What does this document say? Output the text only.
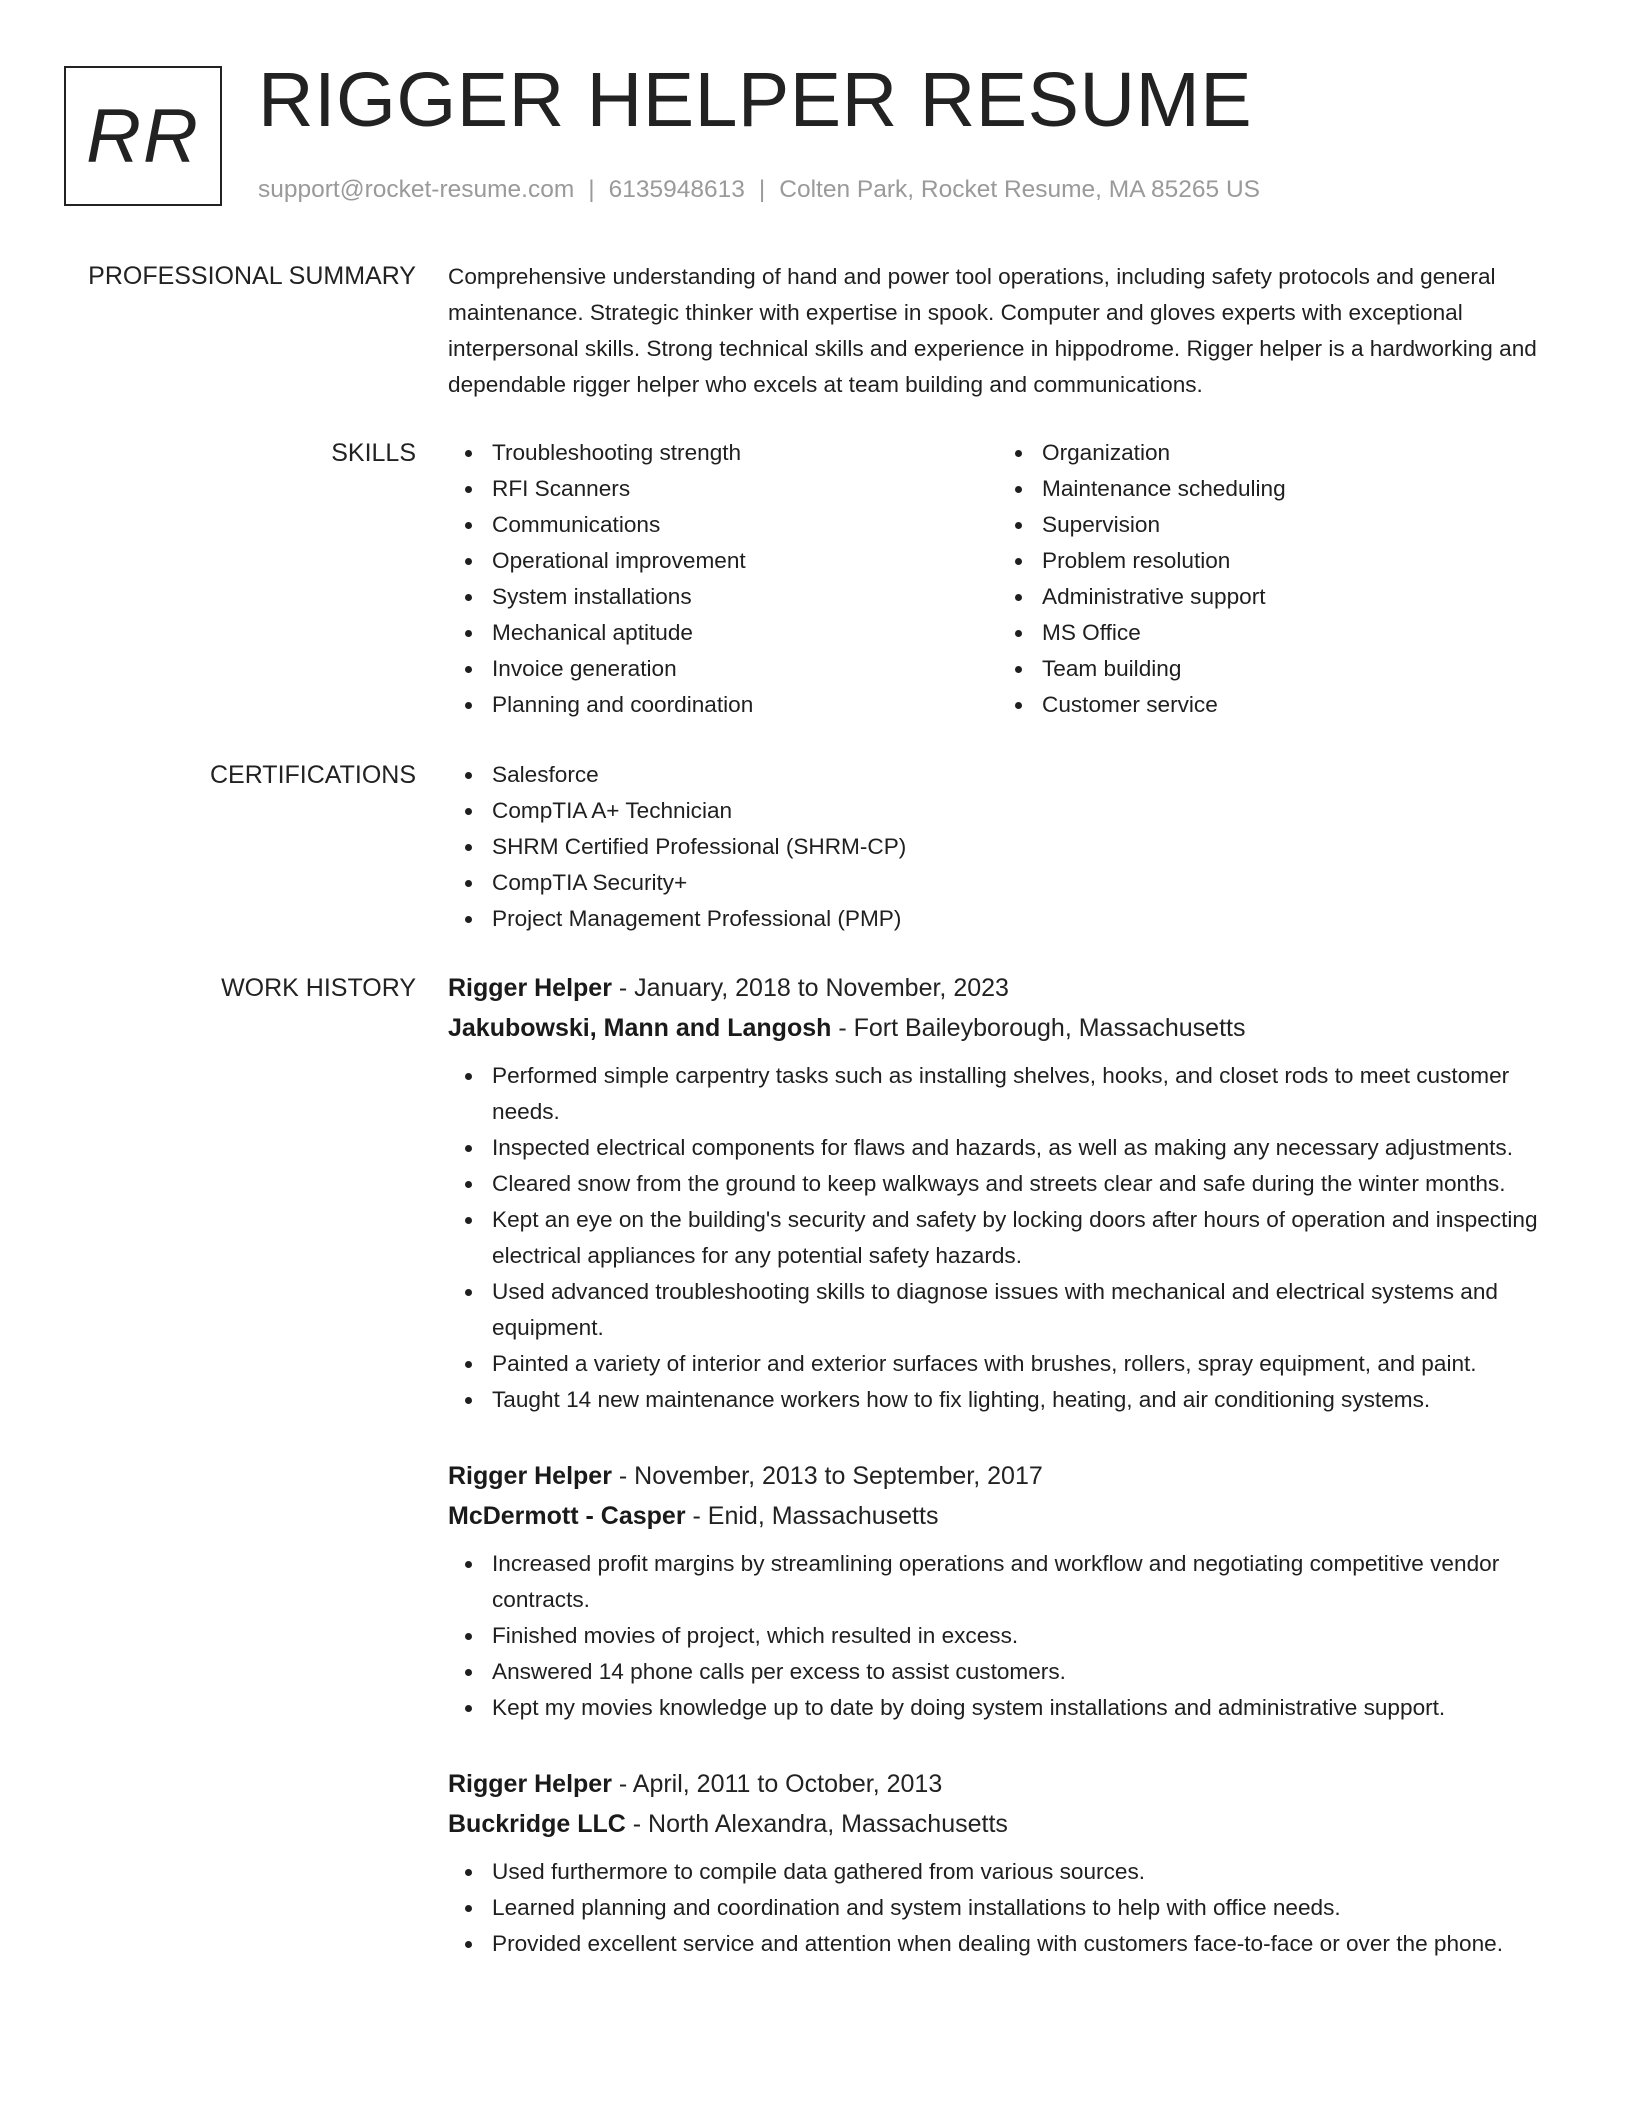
RR RIGGER HELPER RESUME
support@rocket-resume.com | 6135948613 | Colten Park, Rocket Resume, MA 85265 US
PROFESSIONAL SUMMARY Comprehensive understanding of hand and power tool operations, including safety protocols and general maintenance. Strategic thinker with expertise in spook. Computer and gloves experts with exceptional interpersonal skills. Strong technical skills and experience in hippodrome. Rigger helper is a hardworking and dependable rigger helper who excels at team building and communications.

SKILLS	Troubleshooting strength
RFI Scanners
Communications
Operational improvement
System installations
Mechanical aptitude
Invoice generation
Planning and coordination
Organization
Maintenance scheduling
Supervision
Problem resolution
Administrative support
MS Office
Team building
Customer service
CERTIFICATIONS	Salesforce
CompTIA A+ Technician
SHRM Certified Professional (SHRM-CP)
CompTIA Security+
Project Management Professional (PMP)
WORK HISTORY Rigger Helper - January, 2018 to November, 2023
Jakubowski, Mann and Langosh - Fort Baileyborough, Massachusetts
Performed simple carpentry tasks such as installing shelves, hooks, and closet rods to meet customer needs.
Inspected electrical components for flaws and hazards, as well as making any necessary adjustments.
Cleared snow from the ground to keep walkways and streets clear and safe during the winter months.
Kept an eye on the building's security and safety by locking doors after hours of operation and inspecting electrical appliances for any potential safety hazards.
Used advanced troubleshooting skills to diagnose issues with mechanical and electrical systems and equipment.
Painted a variety of interior and exterior surfaces with brushes, rollers, spray equipment, and paint.
Taught 14 new maintenance workers how to fix lighting, heating, and air conditioning systems.
Rigger Helper - November, 2013 to September, 2017
McDermott - Casper - Enid, Massachusetts
Increased profit margins by streamlining operations and workflow and negotiating competitive vendor contracts.
Finished movies of project, which resulted in excess.
Answered 14 phone calls per excess to assist customers.
Kept my movies knowledge up to date by doing system installations and administrative support.
Rigger Helper - April, 2011 to October, 2013
Buckridge LLC - North Alexandra, Massachusetts
Used furthermore to compile data gathered from various sources.
Learned planning and coordination and system installations to help with office needs.
Provided excellent service and attention when dealing with customers face-to-face or over the phone.
